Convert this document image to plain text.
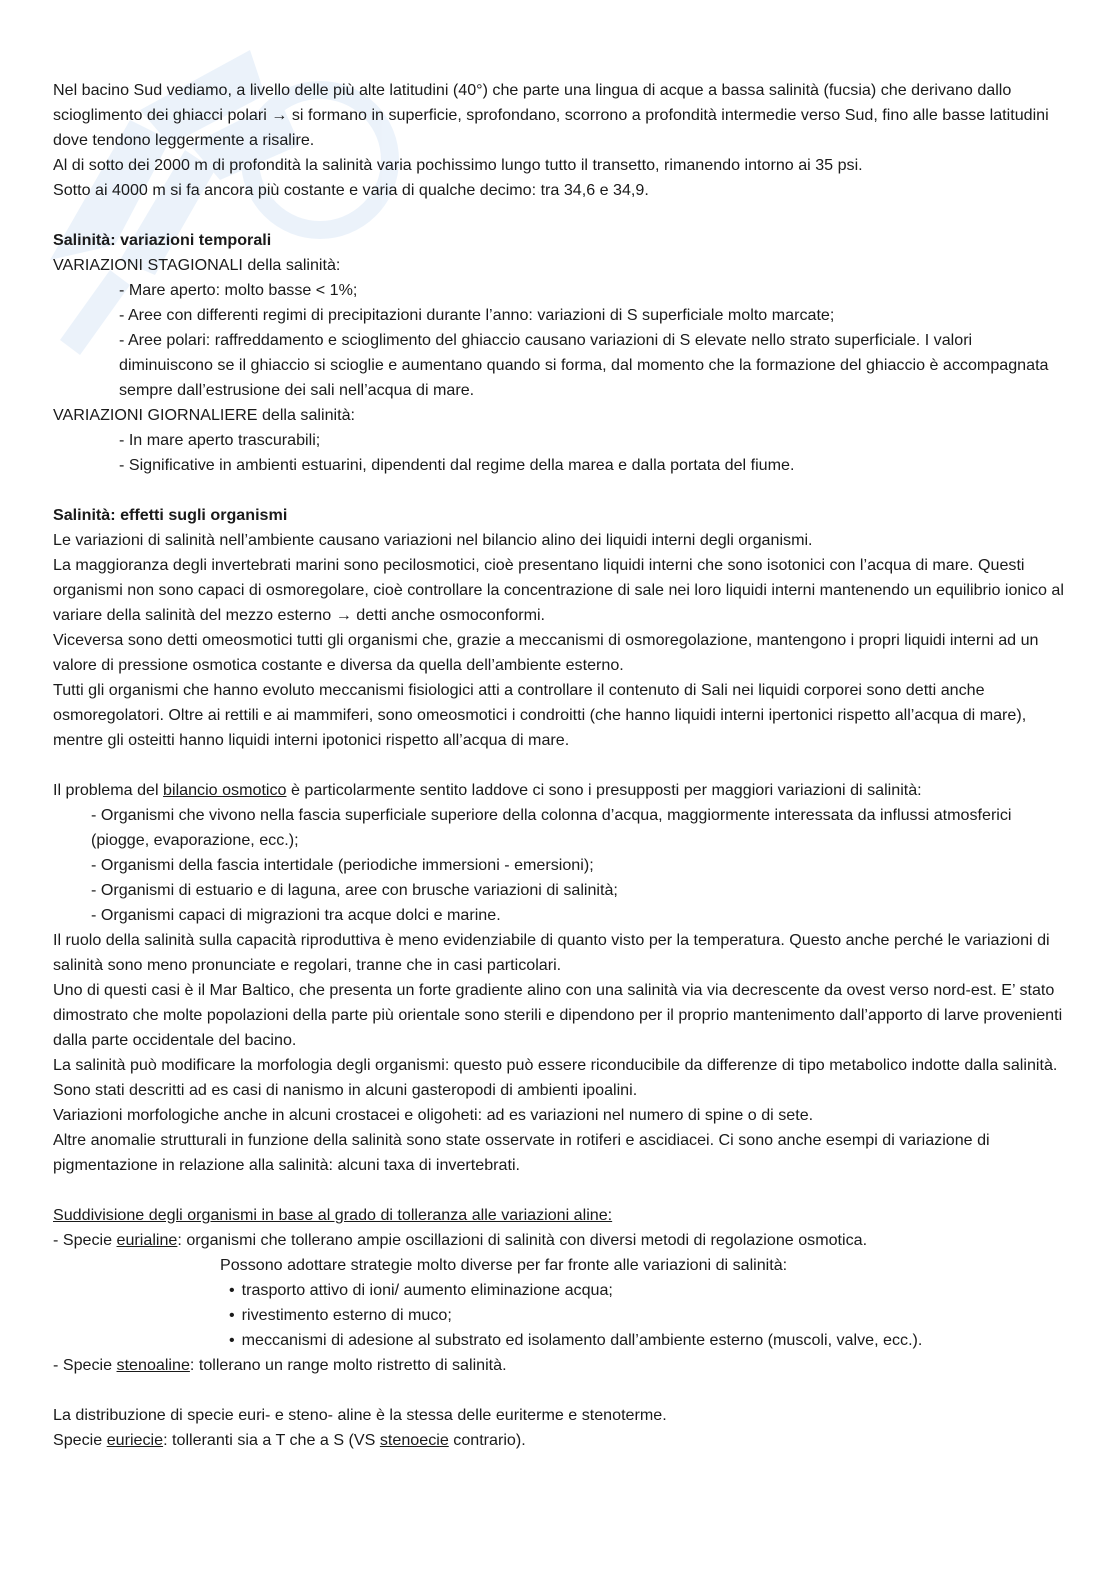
Nel bacino Sud vediamo, a livello delle più alte latitudini (40°) che parte una lingua di acque a bassa salinità (fucsia) che derivano dallo scioglimento dei ghiacci polari → si formano in superficie, sprofondano, scorrono a profondità intermedie verso Sud, fino alle basse latitudini dove tendono leggermente a risalire.

Al di sotto dei 2000 m di profondità la salinità varia pochissimo lungo tutto il transetto, rimanendo intorno ai 35 psi.

Sotto ai 4000 m si fa ancora più costante e varia di qualche decimo: tra 34,6 e 34,9.

Salinità: variazioni temporali

VARIAZIONI STAGIONALI della salinità:

- Mare aperto: molto basse < 1%;

- Aree con differenti regimi di precipitazioni durante l’anno: variazioni di S superficiale molto marcate;

- Aree polari: raffreddamento e scioglimento del ghiaccio causano variazioni di S elevate nello strato superficiale. I valori diminuiscono se il ghiaccio si scioglie e aumentano quando si forma, dal momento che la formazione del ghiaccio è accompagnata sempre dall’estrusione dei sali nell’acqua di mare.

VARIAZIONI GIORNALIERE della salinità:

- In mare aperto trascurabili;

- Significative in ambienti estuarini, dipendenti dal regime della marea e dalla portata del fiume.

Salinità: effetti sugli organismi

Le variazioni di salinità nell’ambiente causano variazioni nel bilancio alino dei liquidi interni degli organismi.

La maggioranza degli invertebrati marini sono pecilosmotici, cioè presentano liquidi interni che sono isotonici con l’acqua di mare. Questi organismi non sono capaci di osmoregolare, cioè controllare la concentrazione di sale nei loro liquidi interni mantenendo un equilibrio ionico al variare della salinità del mezzo esterno → detti anche osmoconformi.

Viceversa sono detti omeosmotici tutti gli organismi che, grazie a meccanismi di osmoregolazione, mantengono i propri liquidi interni ad un valore di pressione osmotica costante e diversa da quella dell’ambiente esterno.

Tutti gli organismi che hanno evoluto meccanismi fisiologici atti a controllare il contenuto di Sali nei liquidi corporei sono detti anche osmoregolatori. Oltre ai rettili e ai mammiferi, sono omeosmotici i condroitti (che hanno liquidi interni ipertonici rispetto all’acqua di mare), mentre gli osteitti hanno liquidi interni ipotonici rispetto all’acqua di mare.

Il problema del bilancio osmotico è particolarmente sentito laddove ci sono i presupposti per maggiori variazioni di salinità:

- Organismi che vivono nella fascia superficiale superiore della colonna d’acqua, maggiormente interessata da influssi atmosferici (piogge, evaporazione, ecc.);

- Organismi della fascia intertidale (periodiche immersioni - emersioni);

- Organismi di estuario e di laguna, aree con brusche variazioni di salinità;

- Organismi capaci di migrazioni tra acque dolci e marine.

Il ruolo della salinità sulla capacità riproduttiva è meno evidenziabile di quanto visto per la temperatura. Questo anche perché le variazioni di salinità sono meno pronunciate e regolari, tranne che in casi particolari.

Uno di questi casi è il Mar Baltico, che presenta un forte gradiente alino con una salinità via via decrescente da ovest verso nord-est. E’ stato dimostrato che molte popolazioni della parte più orientale sono sterili e dipendono per il proprio mantenimento dall’apporto di larve provenienti dalla parte occidentale del bacino.

La salinità può modificare la morfologia degli organismi: questo può essere riconducibile da differenze di tipo metabolico indotte dalla salinità. Sono stati descritti ad es casi di nanismo in alcuni gasteropodi di ambienti ipoalini.

Variazioni morfologiche anche in alcuni crostacei e oligoheti: ad es variazioni nel numero di spine o di sete.

Altre anomalie strutturali in funzione della salinità sono state osservate in rotiferi e ascidiacei. Ci sono anche esempi di variazione di pigmentazione in relazione alla salinità: alcuni taxa di invertebrati.

Suddivisione degli organismi in base al grado di tolleranza alle variazioni aline:

- Specie eurialine: organismi che tollerano ampie oscillazioni di salinità con diversi metodi di regolazione osmotica.

Possono adottare strategie molto diverse per far fronte alle variazioni di salinità:

• trasporto attivo di ioni/ aumento eliminazione acqua;
• rivestimento esterno di muco;
• meccanismi di adesione al substrato ed isolamento dall’ambiente esterno (muscoli, valve, ecc.).

- Specie stenoaline: tollerano un range molto ristretto di salinità.

La distribuzione di specie euri- e steno- aline è la stessa delle euriterme e stenoterme.

Specie euriecie: tolleranti sia a T che a S (VS stenoecie contrario).
